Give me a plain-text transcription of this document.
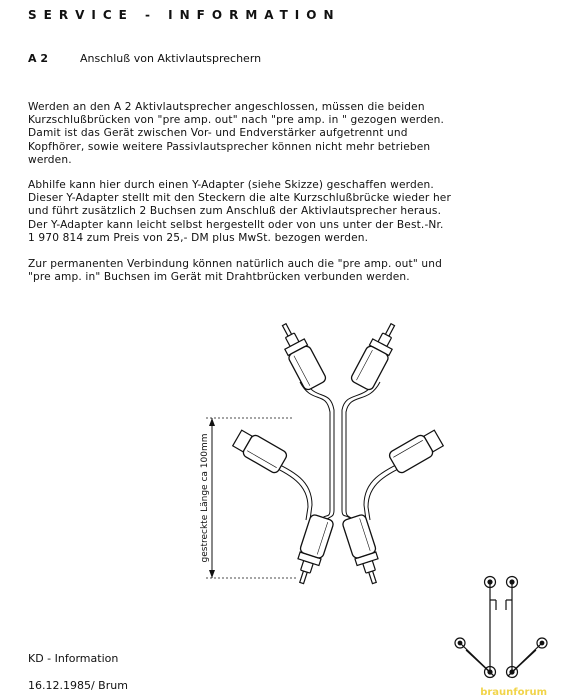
SERVICE - INFORMATION
A 2	Anschluß von Aktivlautsprechern
Werden an den A 2 Aktivlautsprecher angeschlossen, müssen die beiden
Kurzschlußbrücken von "pre amp. out" nach "pre amp. in " gezogen werden.
Damit ist das Gerät zwischen Vor- und Endverstärker aufgetrennt und
Kopfhörer, sowie weitere Passivlautsprecher können nicht mehr betrieben
werden.
Abhilfe kann hier durch einen Y-Adapter (siehe Skizze) geschaffen werden.
Dieser Y-Adapter stellt mit den Steckern die alte Kurzschlußbrücke wieder her
und führt zusätzlich 2 Buchsen zum Anschluß der Aktivlautsprecher heraus.
Der Y-Adapter kann leicht selbst hergestellt oder von uns unter der Best.-Nr.
1 970 814 zum Preis von 25,- DM plus MwSt. bezogen werden.
Zur permanenten Verbindung können natürlich auch die "pre amp. out" und
"pre amp. in" Buchsen im Gerät mit Drahtbrücken verbunden werden.
gestreckte Länge ca 100mm
KD - Information
16.12.1985/ Brum
braunforum
